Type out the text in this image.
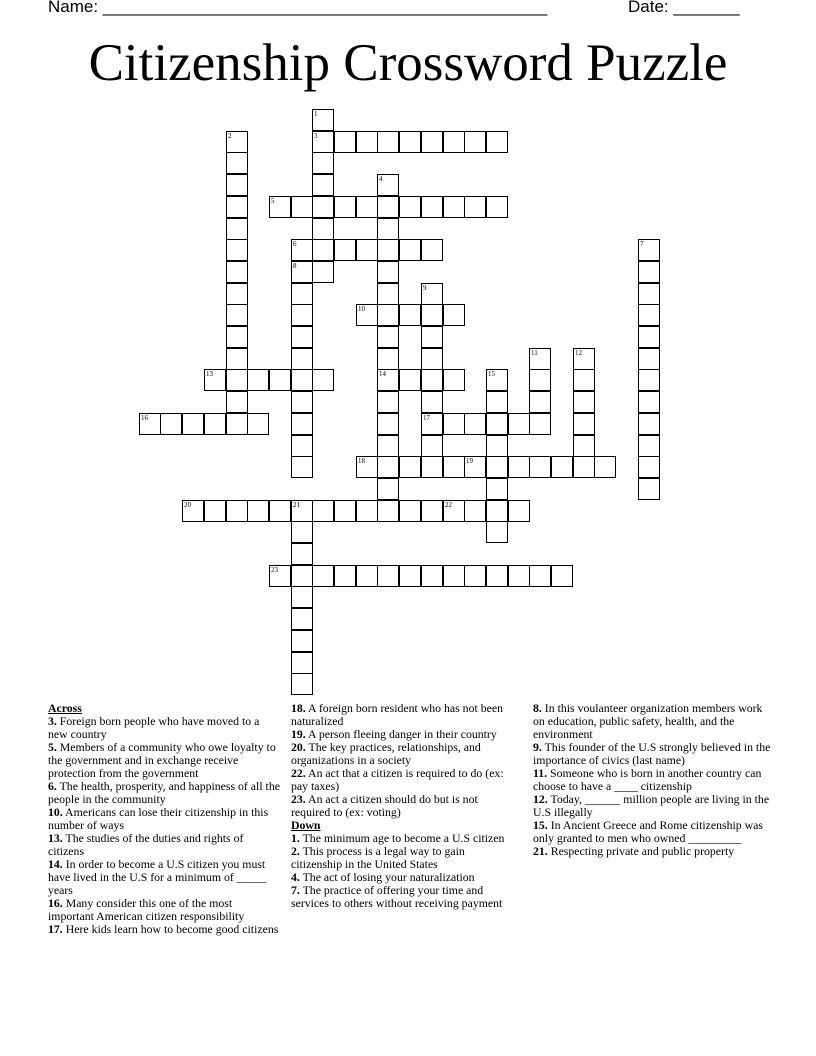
Name: _______________________________________________	Date: _______
Citizenship Crossword Puzzle
1
3
2
4
14
5
6	7
8
9
17
10
11	12
13	15
16
18	19
20	21	22
23
Across
3. Foreign born people who have moved to a new country
5. Members of a community who owe loyalty to the government and in exchange receive protection from the government
6. The health, prosperity, and happiness of all the people in the community
10. Americans can lose their citizenship in this number of ways
13. The studies of the duties and rights of citizens
14. In order to become a U.S citizen you must have lived in the U.S for a minimum of _____ years
16. Many consider this one of the most important American citizen responsibility
17. Here kids learn how to become good citizens
18. A foreign born resident who has not been naturalized
19. A person fleeing danger in their country
20. The key practices, relationships, and organizations in a society
22. An act that a citizen is required to do (ex: pay taxes)
23. An act a citizen should do but is not required to (ex: voting)
Down
1. The minimum age to become a U.S citizen
2. This process is a legal way to gain citizenship in the United States
4. The act of losing your naturalization
7. The practice of offering your time and services to others without receiving payment
8. In this voulanteer organization members work on education, public safety, health, and the environment
9. This founder of the U.S strongly believed in the importance of civics (last name)
11. Someone who is born in another country can choose to have a ____ citizenship
12. Today, ______ million people are living in the U.S illegally
15. In Ancient Greece and Rome citizenship was only granted to men who owned _________
21. Respecting private and public property
